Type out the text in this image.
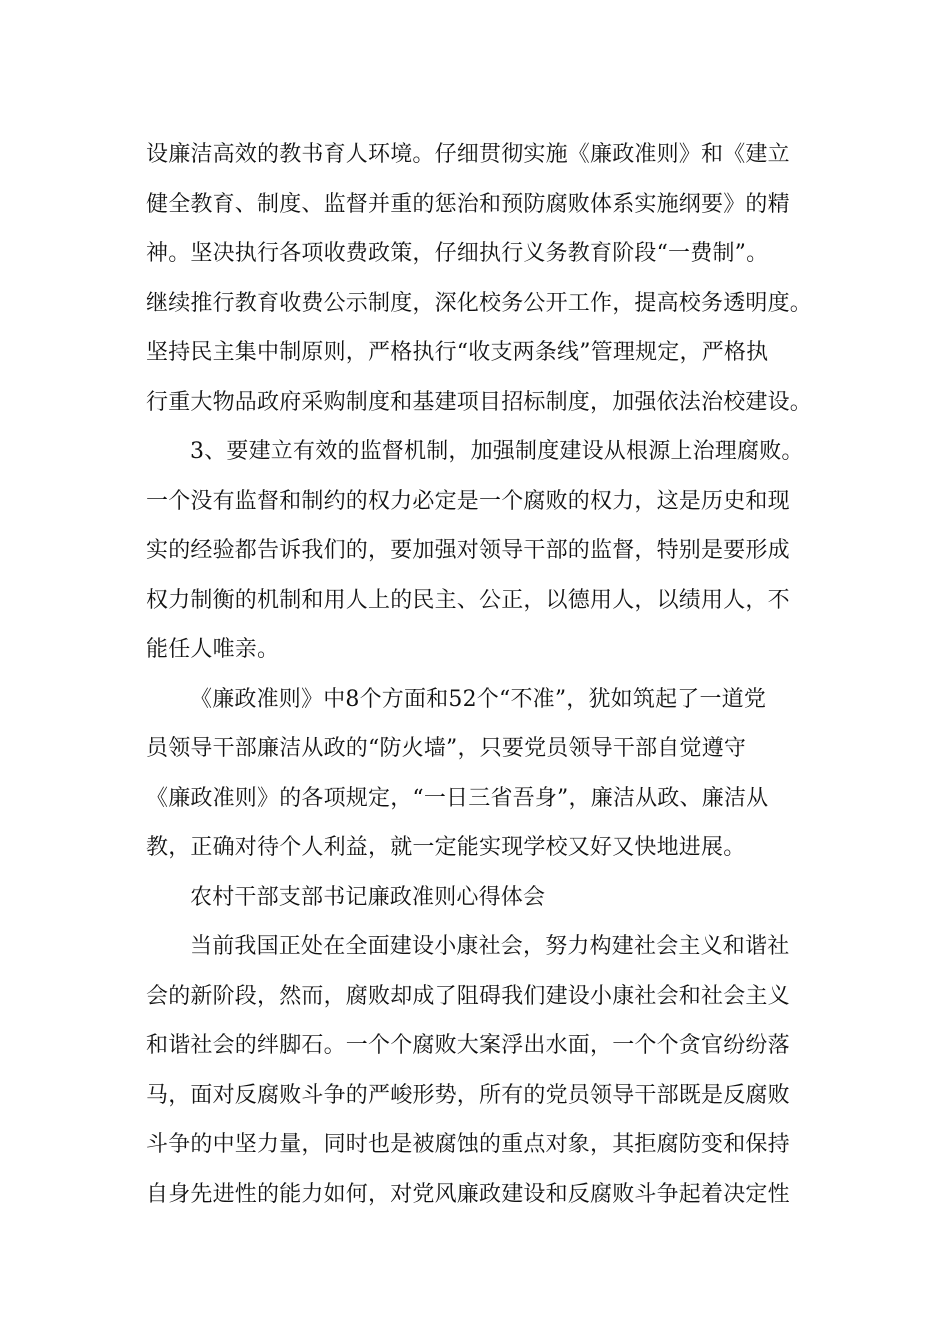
设廉洁高效的教书育人环境。仔细贯彻实施《廉政准则》和《建立
健全教育、制度、监督并重的惩治和预防腐败体系实施纲要》的精
神。坚决执行各项收费政策，仔细执行义务教育阶段“一费制”。
继续推行教育收费公示制度，深化校务公开工作，提高校务透明度。
坚持民主集中制原则，严格执行“收支两条线”管理规定，严格执
行重大物品政府采购制度和基建项目招标制度，加强依法治校建设。
3、要建立有效的监督机制，加强制度建设从根源上治理腐败。
一个没有监督和制约的权力必定是一个腐败的权力，这是历史和现
实的经验都告诉我们的，要加强对领导干部的监督，特别是要形成
权力制衡的机制和用人上的民主、公正，以德用人，以绩用人，不
能任人唯亲。
《廉政准则》中8个方面和52个“不准”，犹如筑起了一道党
员领导干部廉洁从政的“防火墙”，只要党员领导干部自觉遵守
《廉政准则》的各项规定，“一日三省吾身”，廉洁从政、廉洁从
教，正确对待个人利益，就一定能实现学校又好又快地进展。
农村干部支部书记廉政准则心得体会
当前我国正处在全面建设小康社会，努力构建社会主义和谐社
会的新阶段，然而，腐败却成了阻碍我们建设小康社会和社会主义
和谐社会的绊脚石。一个个腐败大案浮出水面，一个个贪官纷纷落
马，面对反腐败斗争的严峻形势，所有的党员领导干部既是反腐败
斗争的中坚力量，同时也是被腐蚀的重点对象，其拒腐防变和保持
自身先进性的能力如何，对党风廉政建设和反腐败斗争起着决定性
